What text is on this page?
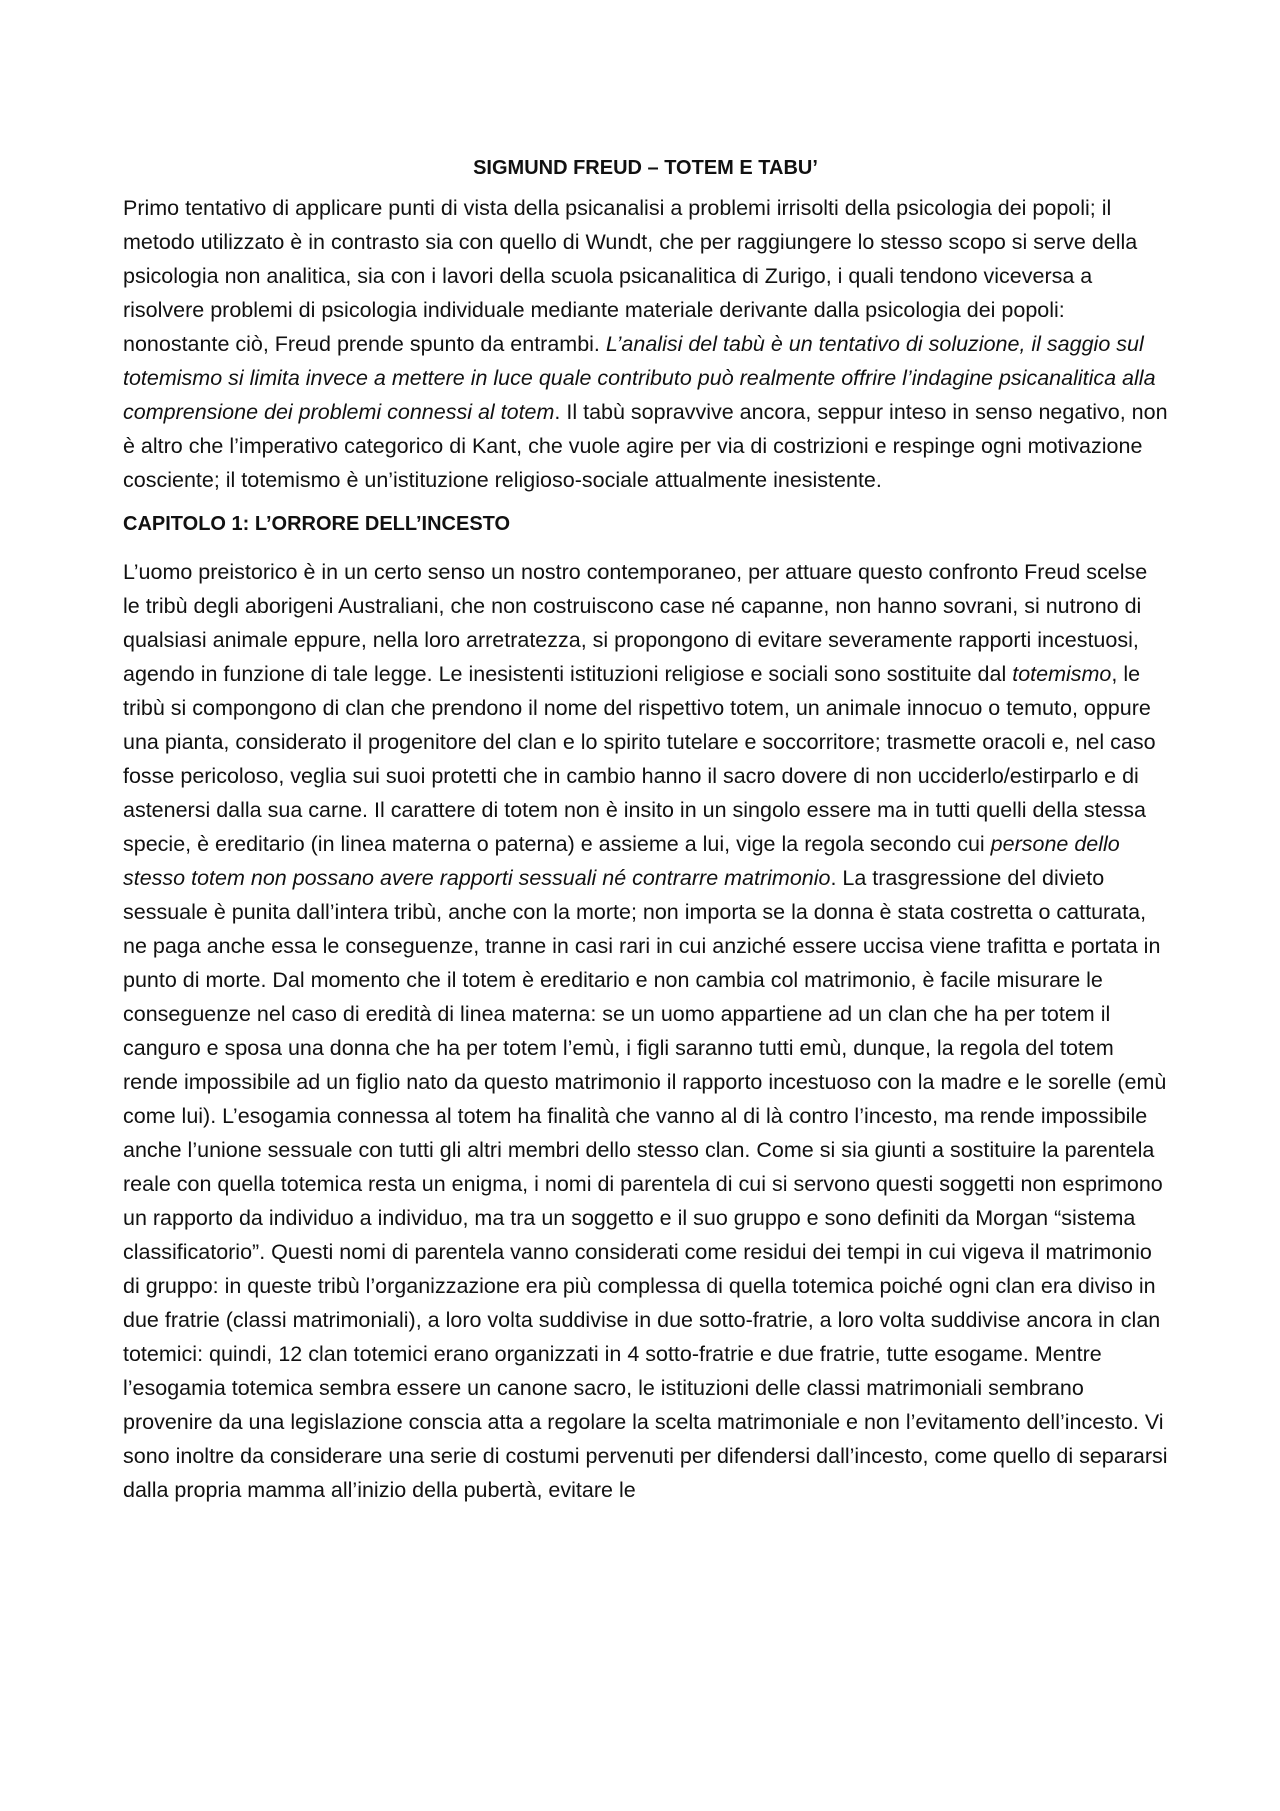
SIGMUND FREUD – TOTEM E TABU’

Primo tentativo di applicare punti di vista della psicanalisi a problemi irrisolti della psicologia dei popoli; il metodo utilizzato è in contrasto sia con quello di Wundt, che per raggiungere lo stesso scopo si serve della psicologia non analitica, sia con i lavori della scuola psicanalitica di Zurigo, i quali tendono viceversa a risolvere problemi di psicologia individuale mediante materiale derivante dalla psicologia dei popoli: nonostante ciò, Freud prende spunto da entrambi. L’analisi del tabù è un tentativo di soluzione, il saggio sul totemismo si limita invece a mettere in luce quale contributo può realmente offrire l’indagine psicanalitica alla comprensione dei problemi connessi al totem. Il tabù sopravvive ancora, seppur inteso in senso negativo, non è altro che l’imperativo categorico di Kant, che vuole agire per via di costrizioni e respinge ogni motivazione cosciente; il totemismo è un’istituzione religioso-sociale attualmente inesistente.

CAPITOLO 1: L’ORRORE DELL’INCESTO

L’uomo preistorico è in un certo senso un nostro contemporaneo, per attuare questo confronto Freud scelse le tribù degli aborigeni Australiani, che non costruiscono case né capanne, non hanno sovrani, si nutrono di qualsiasi animale eppure, nella loro arretratezza, si propongono di evitare severamente rapporti incestuosi, agendo in funzione di tale legge. Le inesistenti istituzioni religiose e sociali sono sostituite dal totemismo, le tribù si compongono di clan che prendono il nome del rispettivo totem, un animale innocuo o temuto, oppure una pianta, considerato il progenitore del clan e lo spirito tutelare e soccorritore; trasmette oracoli e, nel caso fosse pericoloso, veglia sui suoi protetti che in cambio hanno il sacro dovere di non ucciderlo/estirparlo e di astenersi dalla sua carne. Il carattere di totem non è insito in un singolo essere ma in tutti quelli della stessa specie, è ereditario (in linea materna o paterna) e assieme a lui, vige la regola secondo cui persone dello stesso totem non possano avere rapporti sessuali né contrarre matrimonio. La trasgressione del divieto sessuale è punita dall’intera tribù, anche con la morte; non importa se la donna è stata costretta o catturata, ne paga anche essa le conseguenze, tranne in casi rari in cui anziché essere uccisa viene trafitta e portata in punto di morte. Dal momento che il totem è ereditario e non cambia col matrimonio, è facile misurare le conseguenze nel caso di eredità di linea materna: se un uomo appartiene ad un clan che ha per totem il canguro e sposa una donna che ha per totem l’emù, i figli saranno tutti emù, dunque, la regola del totem rende impossibile ad un figlio nato da questo matrimonio il rapporto incestuoso con la madre e le sorelle (emù come lui). L’esogamia connessa al totem ha finalità che vanno al di là contro l’incesto, ma rende impossibile anche l’unione sessuale con tutti gli altri membri dello stesso clan. Come si sia giunti a sostituire la parentela reale con quella totemica resta un enigma, i nomi di parentela di cui si servono questi soggetti non esprimono un rapporto da individuo a individuo, ma tra un soggetto e il suo gruppo e sono definiti da Morgan “sistema classificatorio”. Questi nomi di parentela vanno considerati come residui dei tempi in cui vigeva il matrimonio di gruppo: in queste tribù l’organizzazione era più complessa di quella totemica poiché ogni clan era diviso in due fratrie (classi matrimoniali), a loro volta suddivise in due sotto-fratrie, a loro volta suddivise ancora in clan totemici: quindi, 12 clan totemici erano organizzati in 4 sotto-fratrie e due fratrie, tutte esogame. Mentre l’esogamia totemica sembra essere un canone sacro, le istituzioni delle classi matrimoniali sembrano provenire da una legislazione conscia atta a regolare la scelta matrimoniale e non l’evitamento dell’incesto. Vi sono inoltre da considerare una serie di costumi pervenuti per difendersi dall’incesto, come quello di separarsi dalla propria mamma all’inizio della pubertà, evitare le
